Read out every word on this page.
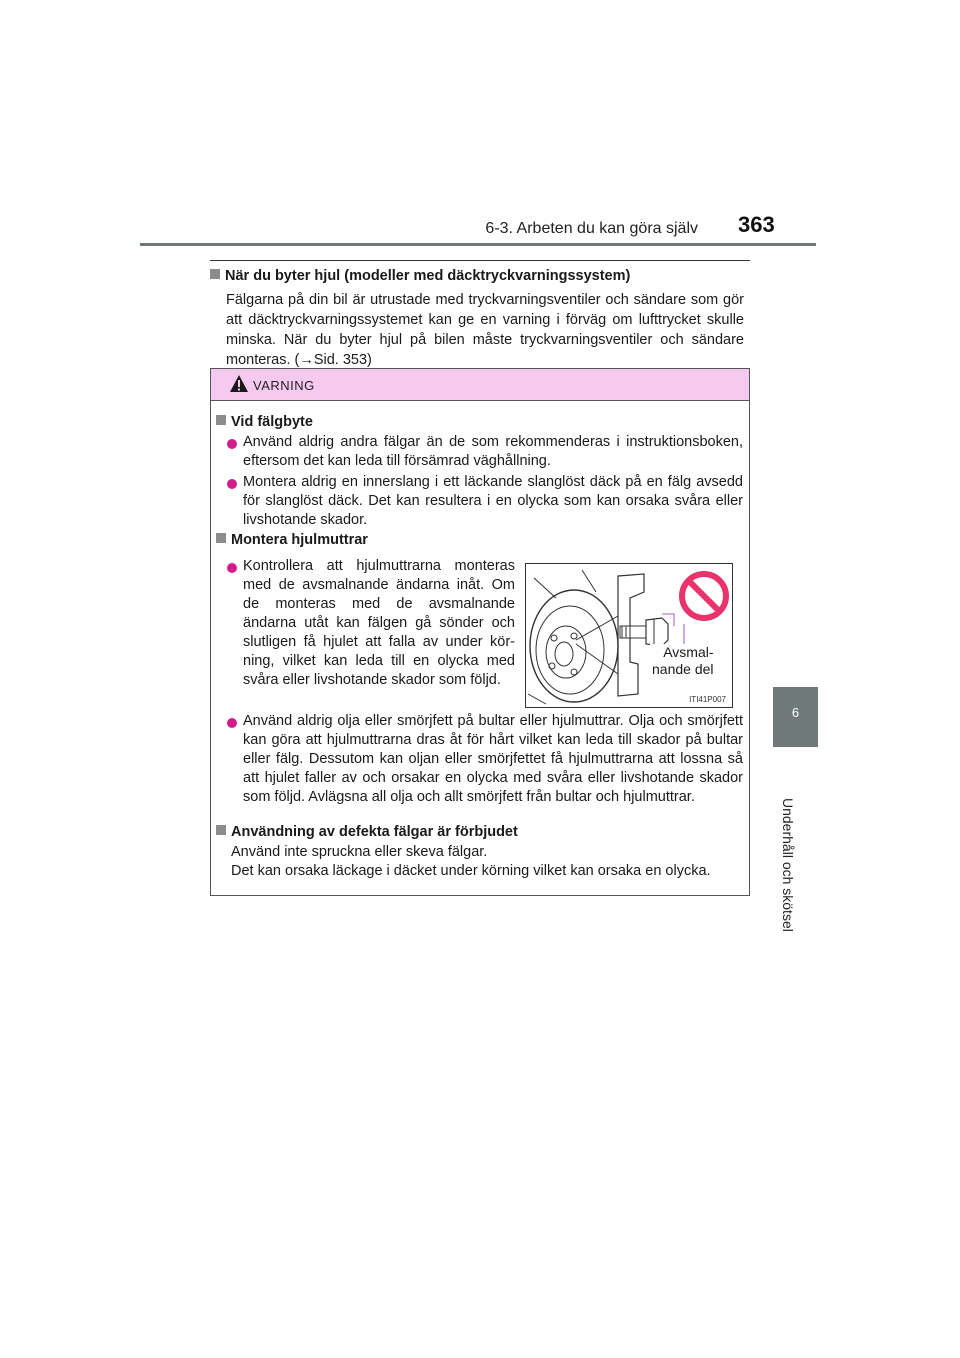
6-3. Arbeten du kan göra själv 363
6
Underhåll och skötsel
När du byter hjul (modeller med däcktryckvarningssystem)
Fälgarna på din bil är utrustade med tryckvarningsventiler och sändare som gör att däcktryckvarningssystemet kan ge en varning i förväg om lufttrycket skulle minska. När du byter hjul på bilen måste tryckvarningsventiler och sändare monteras. (→Sid. 353)
VARNING
Vid fälgbyte
Använd aldrig andra fälgar än de som rekommenderas i instruktionsboken, eftersom det kan leda till försämrad väghållning.
Montera aldrig en innerslang i ett läckande slanglöst däck på en fälg avsedd för slanglöst däck. Det kan resultera i en olycka som kan orsaka svåra eller livshotande skador.
Montera hjulmuttrar
Kontrollera att hjulmuttrarna monteras med de avsmalnande ändarna inåt. Om de monteras med de avsmalnande ändarna utåt kan fälgen gå sönder och slutligen få hjulet att falla av under kör-ning, vilket kan leda till en olycka med svåra eller livshotande skador som följd.
Avsmal-
nande del
ITI41P007
Använd aldrig olja eller smörjfett på bultar eller hjulmuttrar. Olja och smörjfett kan göra att hjulmuttrarna dras åt för hårt vilket kan leda till skador på bultar eller fälg. Dessutom kan oljan eller smörjfettet få hjulmuttrarna att lossna så att hjulet faller av och orsakar en olycka med svåra eller livshotande skador som följd. Avlägsna all olja och allt smörjfett från bultar och hjulmuttrar.
Användning av defekta fälgar är förbjudet
Använd inte spruckna eller skeva fälgar.
Det kan orsaka läckage i däcket under körning vilket kan orsaka en olycka.
